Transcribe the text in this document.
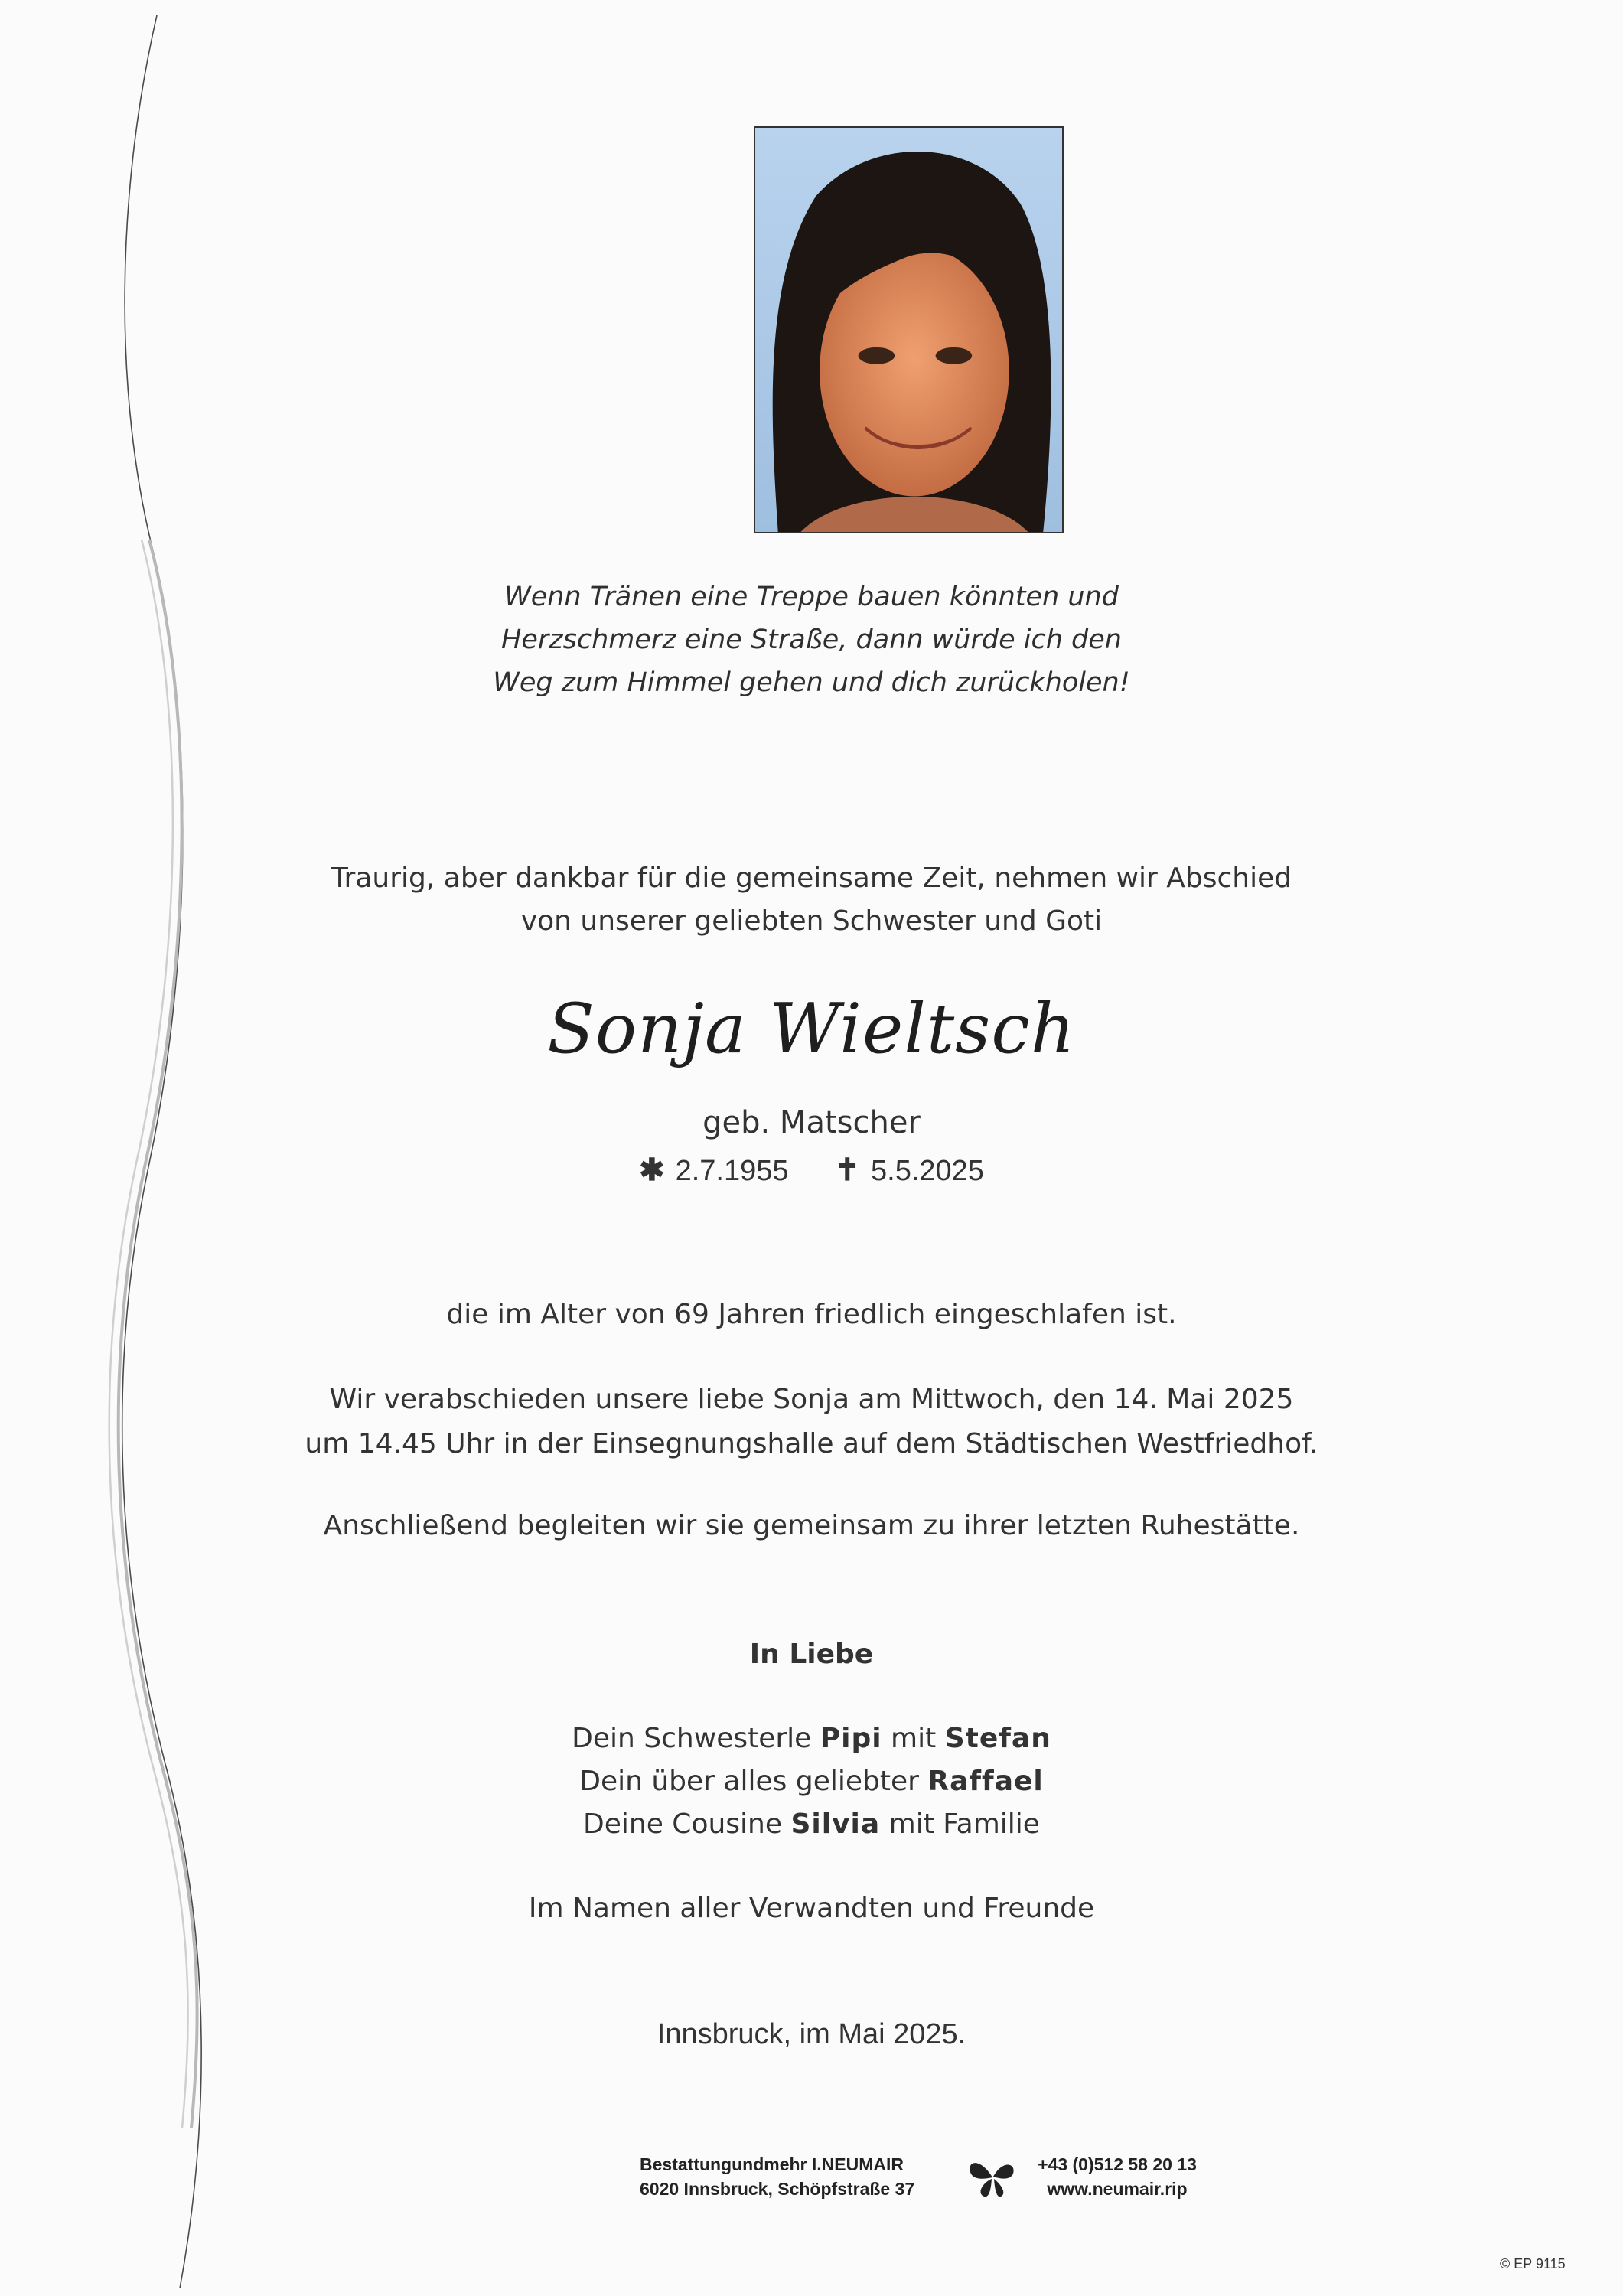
Wenn Tränen eine Treppe bauen könnten und
Herzschmerz eine Straße, dann würde ich den
Weg zum Himmel gehen und dich zurückholen!
Traurig, aber dankbar für die gemeinsame Zeit, nehmen wir Abschied
von unserer geliebten Schwester und Goti
Sonja Wieltsch
geb. Matscher
✱ 2.7.1955 ✝ 5.5.2025
die im Alter von 69 Jahren friedlich eingeschlafen ist.
Wir verabschieden unsere liebe Sonja am Mittwoch, den 14. Mai 2025
um 14.45 Uhr in der Einsegnungshalle auf dem Städtischen Westfriedhof.
Anschließend begleiten wir sie gemeinsam zu ihrer letzten Ruhestätte.
In Liebe
Dein Schwesterle Pipi mit Stefan
Dein über alles geliebter Raffael
Deine Cousine Silvia mit Familie
Im Namen aller Verwandten und Freunde
Innsbruck, im Mai 2025.
Bestattungundmehr I.NEUMAIR
6020 Innsbruck, Schöpfstraße 37
+43 (0)512 58 20 13
www.neumair.rip
© EP 9115
